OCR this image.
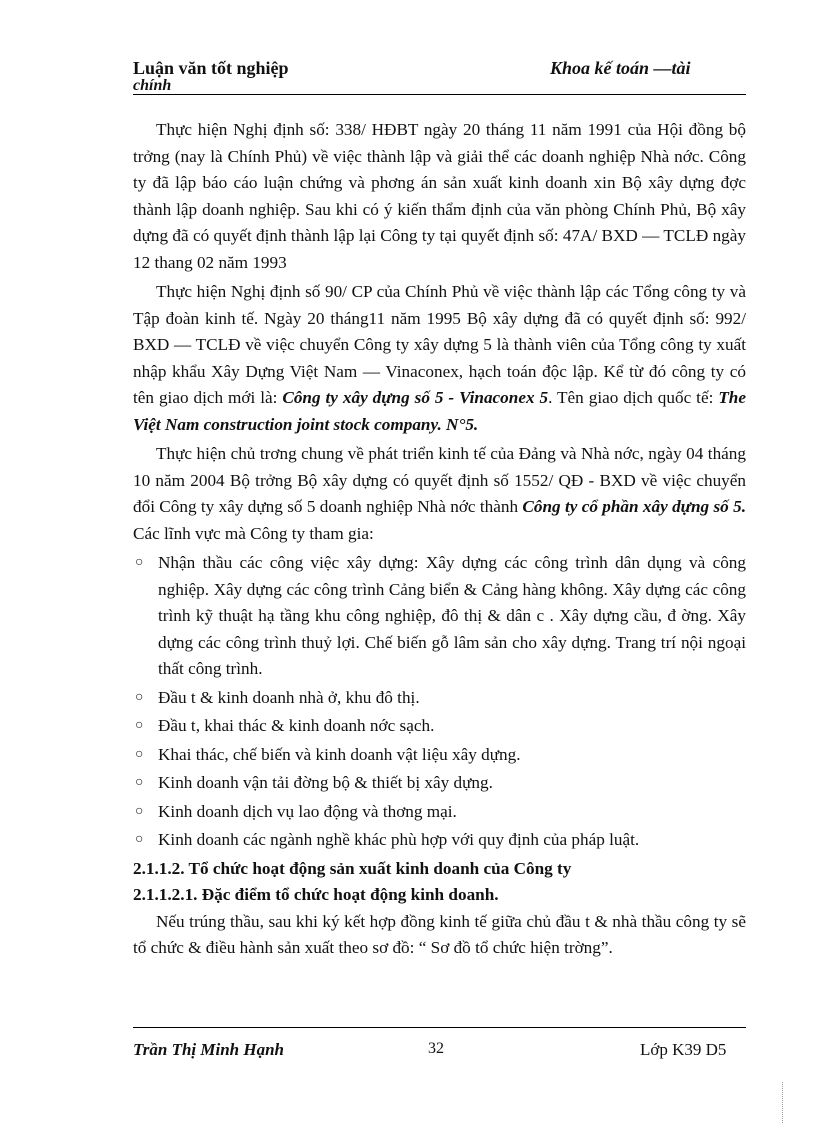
Luận văn tốt nghiệp
chính
Khoa kế toán —tài

Thực hiện Nghị định số: 338/ HĐBT ngày 20 tháng 11 năm 1991 của Hội đồng bộ trởng (nay là Chính Phủ) về việc thành lập và giải thể các doanh nghiệp Nhà nớc. Công ty đã lập báo cáo luận chứng và phơng án sản xuất kinh doanh xin Bộ xây dựng đợc thành lập doanh nghiệp. Sau khi có ý kiến thẩm định của văn phòng Chính Phủ, Bộ xây dựng đã có quyết định thành lập lại Công ty tại quyết định số: 47A/ BXD — TCLĐ ngày 12 thang 02 năm 1993

Thực hiện Nghị định số 90/ CP của Chính Phủ về việc thành lập các Tổng công ty và Tập đoàn kinh tế. Ngày 20 tháng11 năm 1995 Bộ xây dựng đã có quyết định số: 992/ BXD — TCLĐ về việc chuyển Công ty xây dựng 5 là thành viên của Tổng công ty xuất nhập khẩu Xây Dựng Việt Nam — Vinaconex, hạch toán độc lập. Kể từ đó công ty có tên giao dịch mới là: Công ty xây dựng số 5 - Vinaconex 5. Tên giao dịch quốc tế: The Việt Nam construction joint stock company. N°5.

Thực hiện chủ trơng chung về phát triển kinh tế của Đảng và Nhà nớc, ngày 04 tháng 10 năm 2004 Bộ trởng Bộ xây dựng có quyết định số 1552/ QĐ - BXD về việc chuyển đổi Công ty xây dựng số 5 doanh nghiệp Nhà nớc thành Công ty cổ phần xây dựng số 5. Các lĩnh vực mà Công ty tham gia:

○ Nhận thầu các công việc xây dựng: Xây dựng các công trình dân dụng và công nghiệp. Xây dựng các công trình Cảng biển & Cảng hàng không. Xây dựng các công trình kỹ thuật hạ tầng khu công nghiệp, đô thị & dân c . Xây dựng cầu, đ ờng. Xây dựng các công trình thuỷ lợi. Chế biến gỗ lâm sản cho xây dựng. Trang trí nội ngoại thất công trình.

○ Đầu t & kinh doanh nhà ở, khu đô thị.

○ Đầu t, khai thác & kinh doanh nớc sạch.

○ Khai thác, chế biến và kinh doanh vật liệu xây dựng.

○ Kinh doanh vận tải đờng bộ & thiết bị xây dựng.

○ Kinh doanh dịch vụ lao động và thơng mại.

○ Kinh doanh các ngành nghề khác phù hợp với quy định của pháp luật.

2.1.1.2. Tổ chức hoạt động sản xuất kinh doanh của Công ty

2.1.1.2.1. Đặc điểm tổ chức hoạt động kinh doanh.

Nếu trúng thầu, sau khi ký kết hợp đồng kinh tế giữa chủ đầu t & nhà thầu công ty sẽ tổ chức & điều hành sản xuất theo sơ đồ: “ Sơ đồ tổ chức hiện trờng”.

Trần Thị Minh Hạnh	32	Lớp K39 D5
